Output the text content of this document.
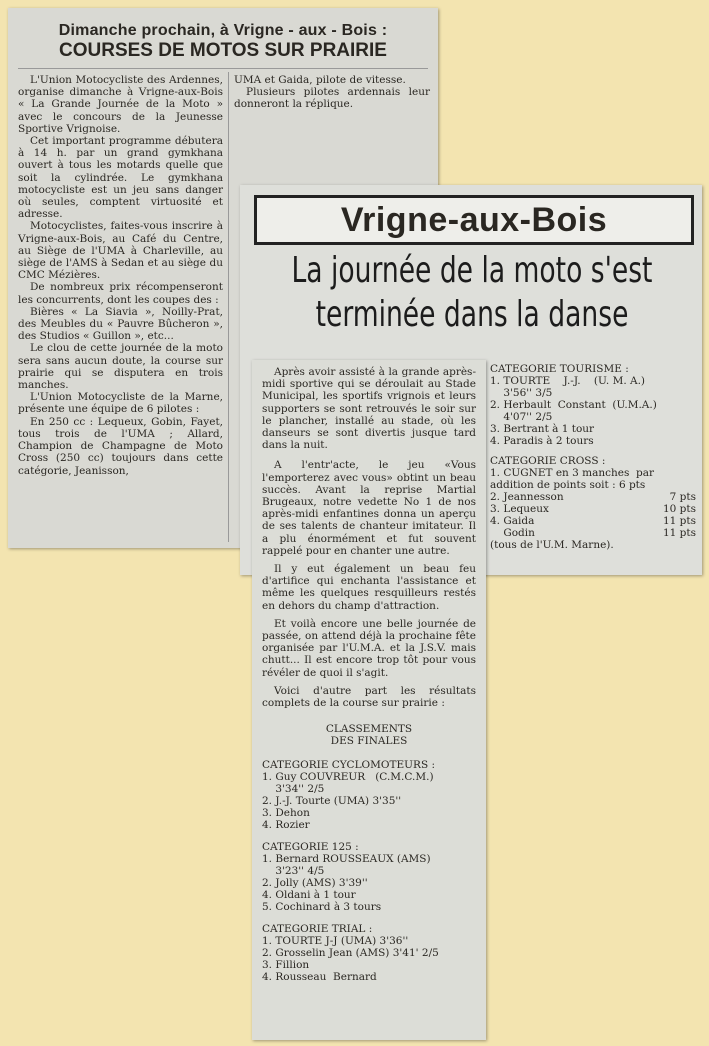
Dimanche prochain, à Vrigne - aux - Bois :

COURSES DE MOTOS SUR PRAIRIE

L'Union Motocycliste des Ardennes, organise dimanche à Vrigne-aux-Bois « La Grande Journée de la Moto » avec le concours de la Jeunesse Sportive Vrignoise.

Cet important programme débutera à 14 h. par un grand gymkhana ouvert à tous les motards quelle que soit la cylindrée. Le gymkhana motocycliste est un jeu sans danger où seules, comptent virtuosité et adresse.

Motocyclistes, faites-vous inscrire à Vrigne-aux-Bois, au Café du Centre, au Siège de l'UMA à Charleville, au siège de l'AMS à Sedan et au siège du CMC Mézières.

De nombreux prix récompenseront les concurrents, dont les coupes des :

Bières « La Siavia », Noilly-Prat, des Meubles du « Pauvre Bûcheron », des Studios « Guillon », etc...

Le clou de cette journée de la moto sera sans aucun doute, la course sur prairie qui se disputera en trois manches.

L'Union Motocycliste de la Marne, présente une équipe de 6 pilotes :

En 250 cc : Lequeux, Gobin, Fayet, tous trois de l'UMA ; Allard, Champion de Champagne de Moto Cross (250 cc) toujours dans cette catégorie, Jeanisson,

UMA et Gaida, pilote de vitesse.

Plusieurs pilotes ardennais leur donneront la réplique.

Vrigne-aux-Bois

La journée de la moto s'est

terminée dans la danse

CATEGORIE TOURISME :

1. TOURTE    J.-J.    (U. M. A.)

3'56'' 3/5

2. Herbault  Constant  (U.M.A.)

4'07'' 2/5

3. Bertrant à 1 tour

4. Paradis à 2 tours

CATEGORIE CROSS :

1. CUGNET en 3 manches  par

addition de points soit : 6 pts

2. Jeannesson	7 pts
3. Lequeux	10 pts
4. Gaida	11 pts
Godin	11 pts

(tous de l'U.M. Marne).

Après avoir assisté à la grande après-midi sportive qui se déroulait au Stade Municipal, les sportifs vrignois et leurs supporters se sont retrouvés le soir sur le plancher, installé au stade, où les danseurs se sont divertis jusque tard dans la nuit.

A l'entr'acte, le jeu «Vous l'emporterez avec vous» obtint un beau succès. Avant la reprise Martial Brugeaux, notre vedette No 1 de nos après-midi enfantines donna un aperçu de ses talents de chanteur imitateur. Il a plu énormément et fut souvent rappelé pour en chanter une autre.

Il y eut également un beau feu d'artifice qui enchanta l'assistance et même les quelques resquilleurs restés en dehors du champ d'attraction.

Et voilà encore une belle journée de passée, on attend déjà la prochaine fête organisée par l'U.M.A. et la J.S.V. mais chutt... Il est encore trop tôt pour vous révéler de quoi il s'agit.

Voici d'autre part les résultats complets de la course sur prairie :

CLASSEMENTS

DES FINALES

CATEGORIE CYCLOMOTEURS :

1. Guy COUVREUR   (C.M.C.M.)

3'34'' 2/5

2. J.-J. Tourte (UMA) 3'35''

3. Dehon

4. Rozier

CATEGORIE 125 :

1. Bernard ROUSSEAUX (AMS)

3'23'' 4/5

2. Jolly (AMS) 3'39''

4. Oldani à 1 tour

5. Cochinard à 3 tours

CATEGORIE TRIAL :

1. TOURTE J-J (UMA) 3'36''

2. Grosselin Jean (AMS) 3'41' 2/5

3. Fillion

4. Rousseau  Bernard
